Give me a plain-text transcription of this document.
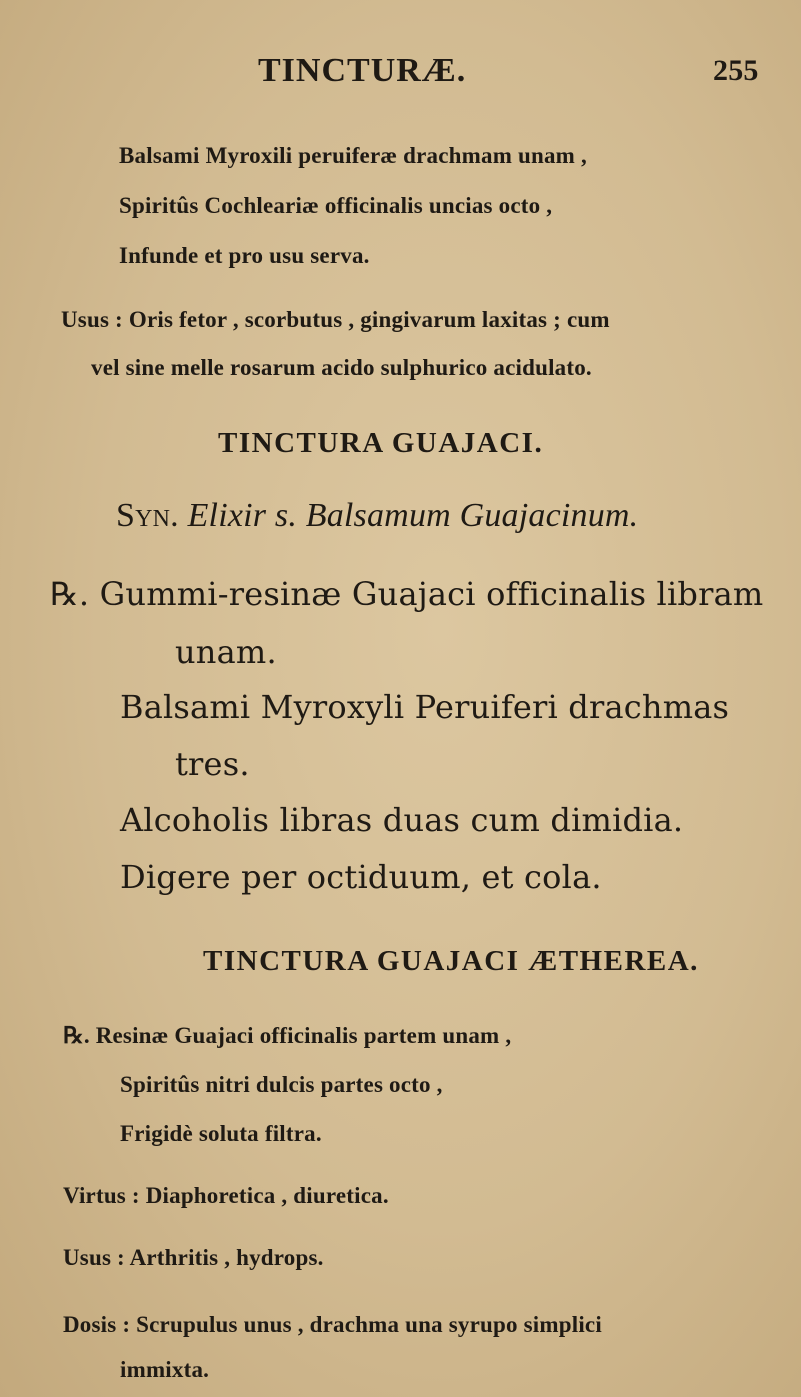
TINCTURÆ.	255
Balsami Myroxili peruiferæ drachmam unam ,
Spiritûs Cochleariæ officinalis uncias octo ,
Infunde et pro usu serva.
Usus : Oris fetor , scorbutus , gingivarum laxitas ; cum
vel sine melle rosarum acido sulphurico acidulato.
TINCTURA GUAJACI.
Syn. Elixir s. Balsamum Guajacinum.
℞. Gummi-resinæ Guajaci officinalis libram
unam.
Balsami Myroxyli Peruiferi drachmas
tres.
Alcoholis libras duas cum dimidia.
Digere per octiduum, et cola.
TINCTURA GUAJACI ÆTHEREA.
℞. Resinæ Guajaci officinalis partem unam ,
Spiritûs nitri dulcis partes octo ,
Frigidè soluta filtra.
Virtus : Diaphoretica , diuretica.
Usus : Arthritis , hydrops.
Dosis : Scrupulus unus , drachma una syrupo simplici
immixta.
